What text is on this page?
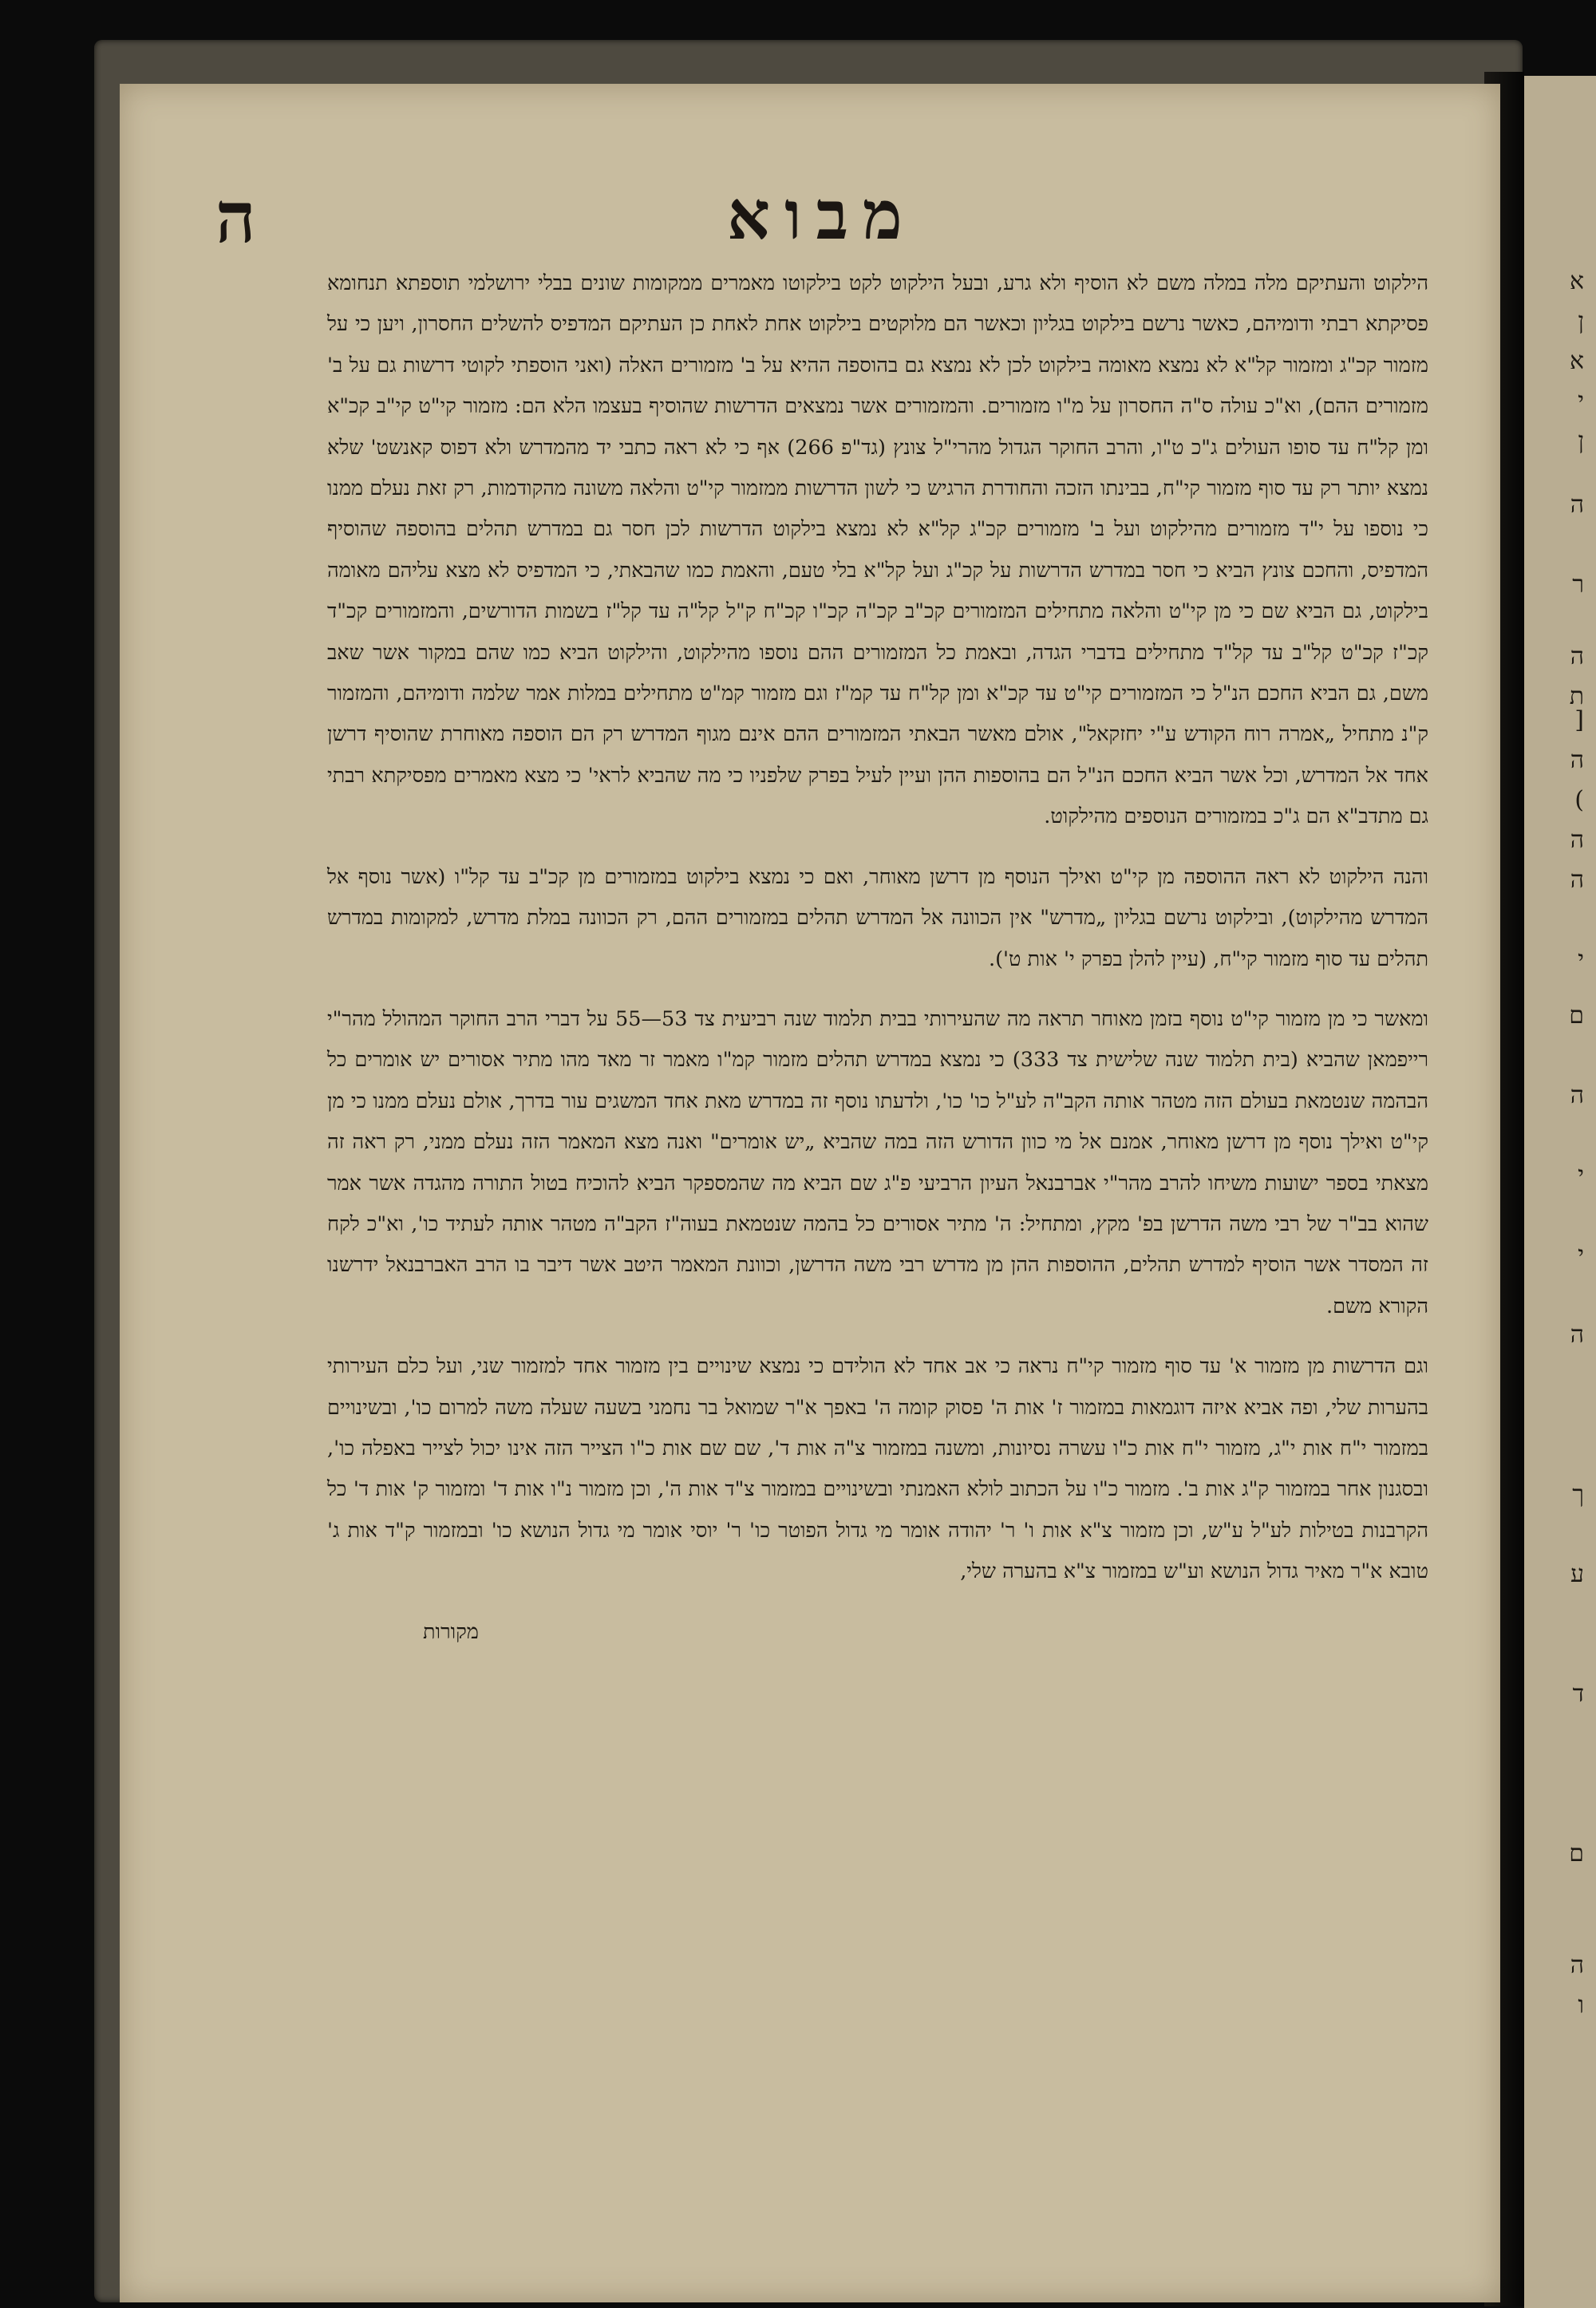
ה	מבוא

הילקוט והעתיקם מלה במלה משם לא הוסיף ולא גרע, ובעל הילקוט לקט בילקוטו מאמרים ממקומות שונים בבלי ירושלמי תוספתא תנחומא פסיקתא רבתי ודומיהם, כאשר נרשם בילקוט בגליון וכאשר הם מלוקטים בילקוט אחת לאחת כן העתיקם המדפיס להשלים החסרון, ויען כי על מזמור קכ"ג ומזמור קל"א לא נמצא מאומה בילקוט לכן לא נמצא גם בהוספה ההיא על ב' מזמורים האלה (ואני הוספתי לקוטי דרשות גם על ב' מזמורים ההם), וא"כ עולה ס"ה החסרון על מ"ו מזמורים. והמזמורים אשר נמצאים הדרשות שהוסיף בעצמו הלא הם: מזמור קי"ט קי"ב קכ"א ומן קל"ח עד סופו העולים ג"כ ט"ו, והרב החוקר הגדול מהרי"ל צונץ (גד"פ 266) אף כי לא ראה כתבי יד מהמדרש ולא דפוס קאנשט' שלא נמצא יותר רק עד סוף מזמור קי"ח, בבינתו הזכה והחודרת הרגיש כי לשון הדרשות ממזמור קי"ט והלאה משונה מהקודמות, רק זאת נעלם ממנו כי נוספו על י"ד מזמורים מהילקוט ועל ב' מזמורים קכ"ג קל"א לא נמצא בילקוט הדרשות לכן חסר גם במדרש תהלים בהוספה שהוסיף המדפיס, והחכם צונץ הביא כי חסר במדרש הדרשות על קכ"ג ועל קל"א בלי טעם, והאמת כמו שהבאתי, כי המדפיס לא מצא עליהם מאומה בילקוט, גם הביא שם כי מן קי"ט והלאה מתחילים המזמורים קכ"ב קכ"ה קכ"ו קכ"ח ק"ל קל"ה עד קל"ז בשמות הדורשים, והמזמורים קכ"ד קכ"ז קכ"ט קל"ב עד קל"ד מתחילים בדברי הגדה, ובאמת כל המזמורים ההם נוספו מהילקוט, והילקוט הביא כמו שהם במקור אשר שאב משם, גם הביא החכם הנ"ל כי המזמורים קי"ט עד קכ"א ומן קל"ח עד קמ"ז וגם מזמור קמ"ט מתחילים במלות אמר שלמה ודומיהם, והמזמור ק"נ מתחיל „אמרה רוח הקודש ע"י יחזקאל", אולם מאשר הבאתי המזמורים ההם אינם מגוף המדרש רק הם הוספה מאוחרת שהוסיף דרשן אחד אל המדרש, וכל אשר הביא החכם הנ"ל הם בהוספות ההן ועיין לעיל בפרק שלפניו כי מה שהביא לראי' כי מצא מאמרים מפסיקתא רבתי גם מתדב"א הם ג"כ במזמורים הנוספים מהילקוט.

והנה הילקוט לא ראה ההוספה מן קי"ט ואילך הנוסף מן דרשן מאוחר, ואם כי נמצא בילקוט במזמורים מן קכ"ב עד קל"ו (אשר נוסף אל המדרש מהילקוט), ובילקוט נרשם בגליון „מדרש" אין הכוונה אל המדרש תהלים במזמורים ההם, רק הכוונה במלת מדרש, למקומות במדרש תהלים עד סוף מזמור קי"ח, (עיין להלן בפרק י' אות ט').

ומאשר כי מן מזמור קי"ט נוסף בזמן מאוחר תראה מה שהעירותי בבית תלמוד שנה רביעית צד 53—55 על דברי הרב החוקר המהולל מהר"י רייפמאן שהביא (בית תלמוד שנה שלישית צד 333) כי נמצא במדרש תהלים מזמור קמ"ו מאמר זר מאד מהו מתיר אסורים יש אומרים כל הבהמה שנטמאת בעולם הזה מטהר אותה הקב"ה לע"ל כו' כו', ולדעתו נוסף זה במדרש מאת אחד המשגים עור בדרך, אולם נעלם ממנו כי מן קי"ט ואילך נוסף מן דרשן מאוחר, אמנם אל מי כוון הדורש הזה במה שהביא „יש אומרים" ואנה מצא המאמר הזה נעלם ממני, רק ראה זה מצאתי בספר ישועות משיחו להרב מהר"י אברבנאל העיון הרביעי פ"ג שם הביא מה שהמספקר הביא להוכיח בטול התורה מהגדה אשר אמר שהוא בב"ר של רבי משה הדרשן בפ' מקץ, ומתחיל: ה' מתיר אסורים כל בהמה שנטמאת בעוה"ז הקב"ה מטהר אותה לעתיד כו', וא"כ לקח זה המסדר אשר הוסיף למדרש תהלים, ההוספות ההן מן מדרש רבי משה הדרשן, וכוונת המאמר היטב אשר דיבר בו הרב האברבנאל ידרשנו הקורא משם.

וגם הדרשות מן מזמור א' עד סוף מזמור קי"ח נראה כי אב אחד לא הולידם כי נמצא שינויים בין מזמור אחד למזמור שני, ועל כלם העירותי בהערות שלי, ופה אביא איזה דוגמאות במזמור ז' אות ה' פסוק קומה ה' באפך א"ר שמואל בר נחמני בשעה שעלה משה למרום כו', ובשינויים במזמור י"ח אות י"ג, מזמור י"ח אות כ"ו עשרה נסיונות, ומשנה במזמור צ"ה אות ד', שם שם אות כ"ו הצייר הזה אינו יכול לצייר באפלה כו', ובסגנון אחר במזמור ק"ג אות ב'. מזמור כ"ו על הכתוב לולא האמנתי ובשינויים במזמור צ"ד אות ה', וכן מזמור נ"ו אות ד' ומזמור ק' אות ד' כל הקרבנות בטילות לע"ל ע"ש, וכן מזמור צ"א אות ו' ר' יהודה אומר מי גדול הפוטר כו' ר' יוסי אומר מי גדול הנושא כו' ובמזמור ק"ד אות ג' טובא א"ר מאיר גדול הנושא וע"ש במזמור צ"א בהערה שלי,

מקורות

א
ן
א
י
ן
ה
ר
ה
ת
[
ה
)
ה
ה
י
ם
ה
י
י
ה
ך
ע
ד
ם
ה
ו
